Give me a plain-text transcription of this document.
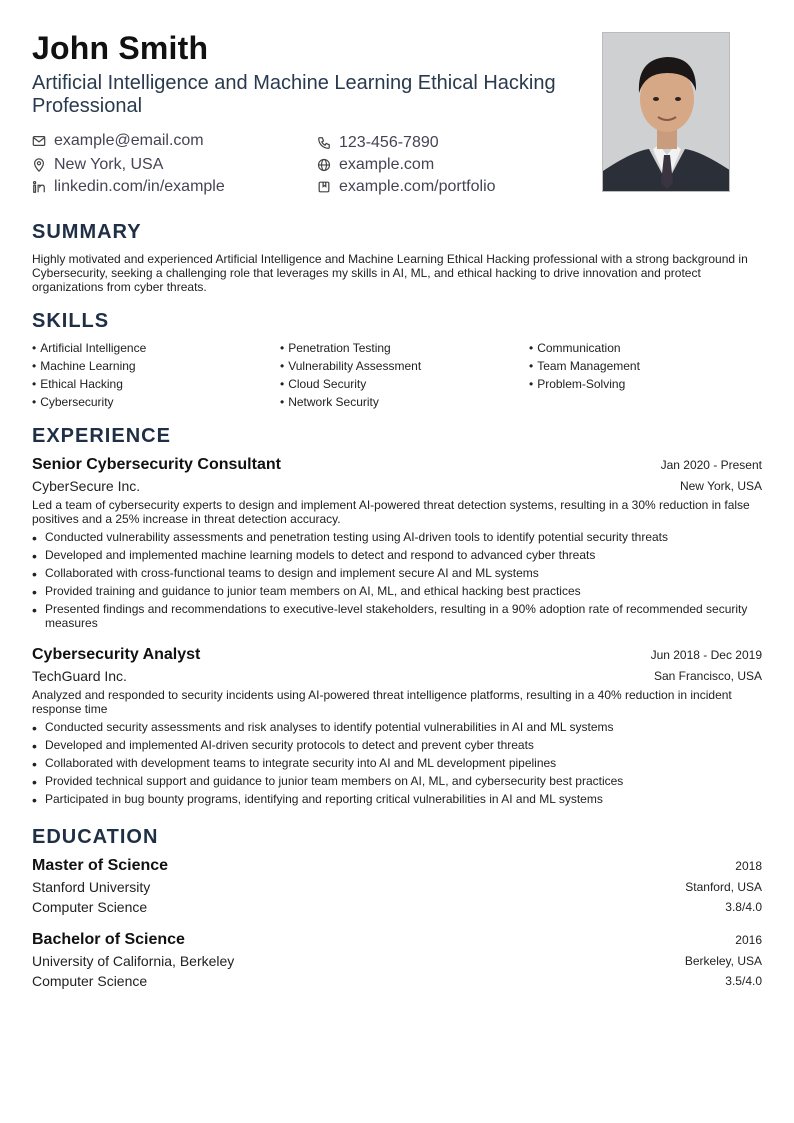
John Smith
Artificial Intelligence and Machine Learning Ethical Hacking Professional
example@email.com	123-456-7890
New York, USA	example.com
linkedin.com/in/example	example.com/portfolio
SUMMARY
Highly motivated and experienced Artificial Intelligence and Machine Learning Ethical Hacking professional with a strong background in Cybersecurity, seeking a challenging role that leverages my skills in AI, ML, and ethical hacking to drive innovation and protect organizations from cyber threats.
SKILLS
• Artificial Intelligence
• Machine Learning
• Ethical Hacking
• Cybersecurity
• Penetration Testing
• Vulnerability Assessment
• Cloud Security
• Network Security
• Communication
• Team Management
• Problem-Solving
EXPERIENCE
Senior Cybersecurity Consultant	Jan 2020 - Present
CyberSecure Inc.	New York, USA
Led a team of cybersecurity experts to design and implement AI-powered threat detection systems, resulting in a 30% reduction in false positives and a 25% increase in threat detection accuracy.
• Conducted vulnerability assessments and penetration testing using AI-driven tools to identify potential security threats
• Developed and implemented machine learning models to detect and respond to advanced cyber threats
• Collaborated with cross-functional teams to design and implement secure AI and ML systems
• Provided training and guidance to junior team members on AI, ML, and ethical hacking best practices
• Presented findings and recommendations to executive-level stakeholders, resulting in a 90% adoption rate of recommended security measures
Cybersecurity Analyst	Jun 2018 - Dec 2019
TechGuard Inc.	San Francisco, USA
Analyzed and responded to security incidents using AI-powered threat intelligence platforms, resulting in a 40% reduction in incident response time
• Conducted security assessments and risk analyses to identify potential vulnerabilities in AI and ML systems
• Developed and implemented AI-driven security protocols to detect and prevent cyber threats
• Collaborated with development teams to integrate security into AI and ML development pipelines
• Provided technical support and guidance to junior team members on AI, ML, and cybersecurity best practices
• Participated in bug bounty programs, identifying and reporting critical vulnerabilities in AI and ML systems
EDUCATION
Master of Science	2018
Stanford University	Stanford, USA
Computer Science	3.8/4.0
Bachelor of Science	2016
University of California, Berkeley	Berkeley, USA
Computer Science	3.5/4.0
